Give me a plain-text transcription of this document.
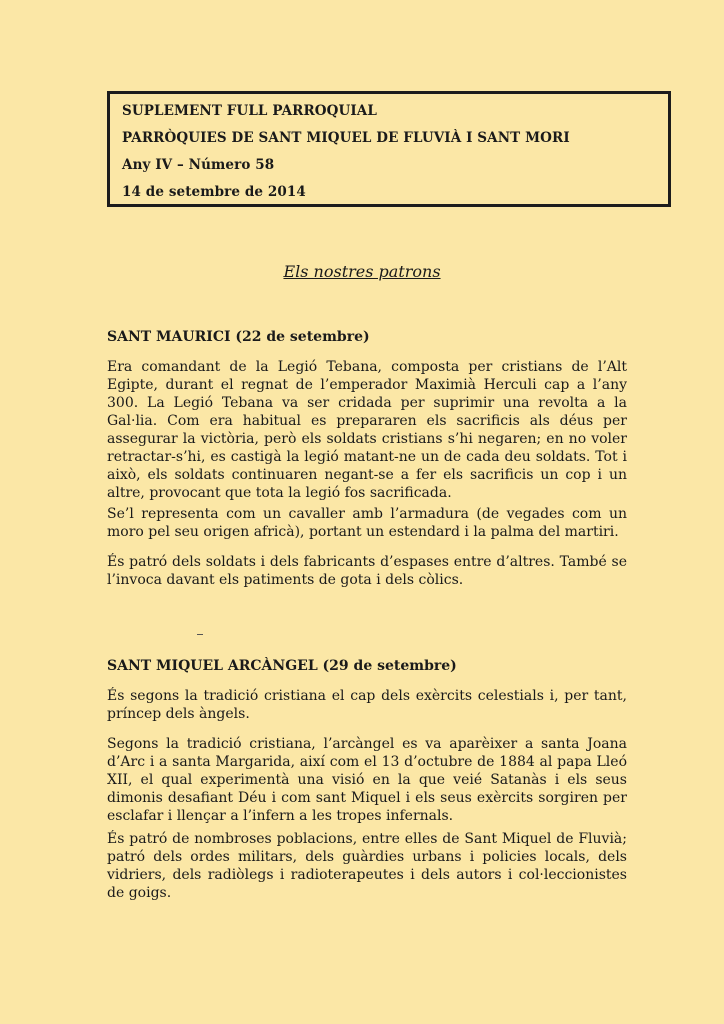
SUPLEMENT FULL PARROQUIAL
PARRÒQUIES DE SANT MIQUEL DE FLUVIÀ I SANT MORI
Any IV – Número 58
14 de setembre de 2014
Els nostres patrons
SANT MAURICI (22 de setembre)
Era comandant de la Legió Tebana, composta per cristians de l’Alt Egipte, durant el regnat de l’emperador Maximià Herculi cap a l’any 300. La Legió Tebana va ser cridada per suprimir una revolta a la Gal·lia. Com era habitual es prepararen els sacrificis als déus per assegurar la victòria, però els soldats cristians s’hi negaren; en no voler retractar-s’hi, es castigà la legió matant-ne un de cada deu soldats. Tot i això, els soldats continuaren negant-se a fer els sacrificis un cop i un altre, provocant que tota la legió fos sacrificada.
Se’l representa com un cavaller amb l’armadura (de vegades com un moro pel seu origen africà), portant un estendard i la palma del martiri.
És patró dels soldats i dels fabricants d’espases entre d’altres. També se l’invoca davant els patiments de gota i dels còlics.
SANT MIQUEL ARCÀNGEL (29 de setembre)
És segons la tradició cristiana el cap dels exèrcits celestials i, per tant, príncep dels àngels.
Segons la tradició cristiana, l’arcàngel es va aparèixer a santa Joana d’Arc i a santa Margarida, així com el 13 d’octubre de 1884 al papa Lleó XII, el qual experimentà una visió en la que veié Satanàs i els seus dimonis desafiant Déu i com sant Miquel i els seus exèrcits sorgiren per esclafar i llençar a l’infern a les tropes infernals.
És patró de nombroses poblacions, entre elles de Sant Miquel de Fluvià; patró dels ordes militars, dels guàrdies urbans i policies locals, dels vidriers, dels radiòlegs i radioterapeutes i dels autors i col·leccionistes de goigs.
